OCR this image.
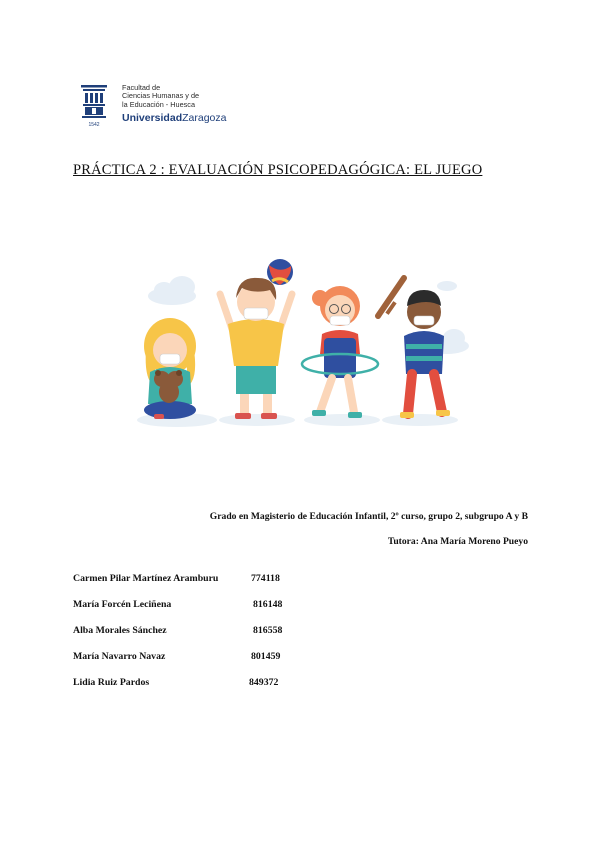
1542
Facultad de
Ciencias Humanas y de
la Educación - Huesca
UniversidadZaragoza
PRÁCTICA 2 : EVALUACIÓN PSICOPEDAGÓGICA: EL JUEGO
Grado en Magisterio de Educación Infantil, 2º curso, grupo 2, subgrupo A y B
Tutora: Ana María Moreno Pueyo
Carmen Pilar Martínez Aramburu	774118
María Forcén Leciñena	816148
Alba Morales Sánchez	816558
María Navarro Navaz	801459
Lidia Ruiz Pardos	849372
